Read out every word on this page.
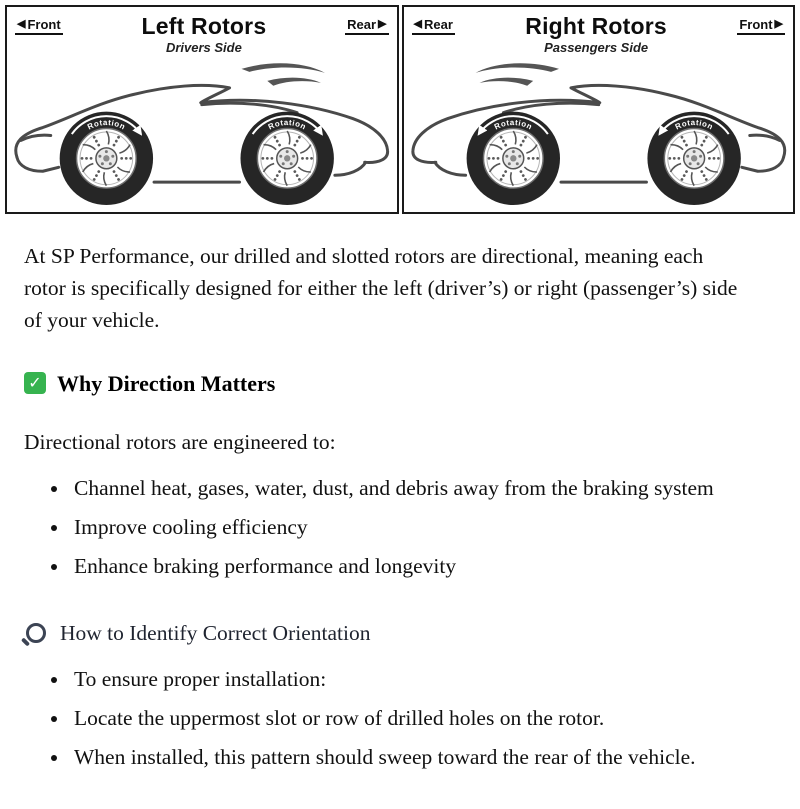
◀ Front	Left Rotors
Drivers Side
Rear ▶ ◀ Rear	Right Rotors
Passengers Side
Front ▶

At SP Performance, our drilled and slotted rotors are directional, meaning each rotor is specifically designed for either the left (driver’s) or right (passenger’s) side of your vehicle.

✓ Why Direction Matters

Directional rotors are engineered to:

• Channel heat, gases, water, dust, and debris away from the braking system
• Improve cooling efficiency
• Enhance braking performance and longevity
How to Identify Correct Orientation
• To ensure proper installation:
• Locate the uppermost slot or row of drilled holes on the rotor.
• When installed, this pattern should sweep toward the rear of the vehicle.
